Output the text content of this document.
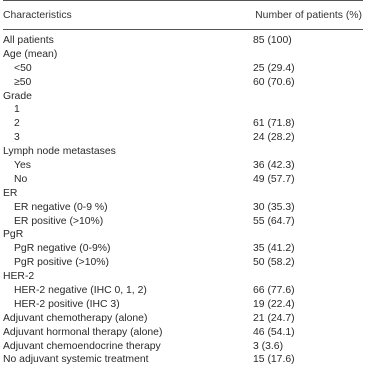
Characteristics	Number of patients (%)
All patients	85 (100)
Age (mean)
<50	25 (29.4)
≥50	60 (70.6)
Grade
1
2	61 (71.8)
3	24 (28.2)
Lymph node metastases
Yes	36 (42.3)
No	49 (57.7)
ER
ER negative (0-9 %)	30 (35.3)
ER positive (>10%)	55 (64.7)
PgR
PgR negative (0-9%)	35 (41.2)
PgR positive (>10%)	50 (58.2)
HER-2
HER-2 negative (IHC 0, 1, 2)	66 (77.6)
HER-2 positive (IHC 3)	19 (22.4)
Adjuvant chemotherapy (alone)	21 (24.7)
Adjuvant hormonal therapy (alone)	46 (54.1)
Adjuvant chemoendocrine therapy	3 (3.6)
No adjuvant systemic treatment	15 (17.6)
